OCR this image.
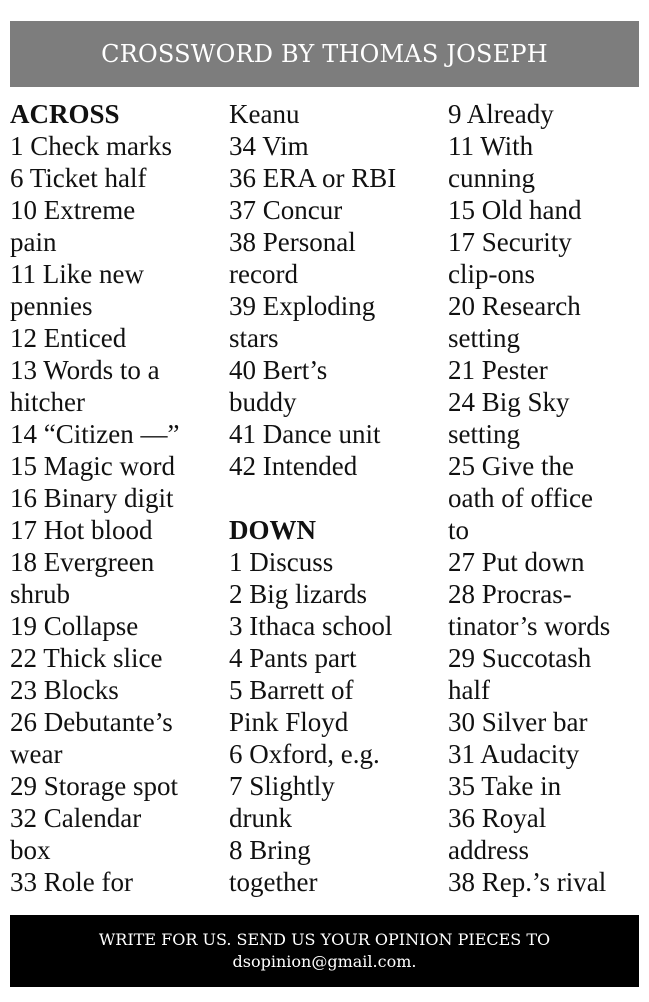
CROSSWORD BY THOMAS JOSEPH
ACROSS
1 Check marks
6 Ticket half
10 Extreme
pain
11 Like new
pennies
12 Enticed
13 Words to a
hitcher
14 “Citizen —”
15 Magic word
16 Binary digit
17 Hot blood
18 Evergreen
shrub
19 Collapse
22 Thick slice
23 Blocks
26 Debutante’s
wear
29 Storage spot
32 Calendar
box
33 Role for
Keanu
34 Vim
36 ERA or RBI
37 Concur
38 Personal
record
39 Exploding
stars
40 Bert’s
buddy
41 Dance unit
42 Intended
DOWN
1 Discuss
2 Big lizards
3 Ithaca school
4 Pants part
5 Barrett of
Pink Floyd
6 Oxford, e.g.
7 Slightly
drunk
8 Bring
together
9 Already
11 With
cunning
15 Old hand
17 Security
clip-ons
20 Research
setting
21 Pester
24 Big Sky
setting
25 Give the
oath of office
to
27 Put down
28 Procras-
tinator’s words
29 Succotash
half
30 Silver bar
31 Audacity
35 Take in
36 Royal
address
38 Rep.’s rival
WRITE FOR US. SEND US YOUR OPINION PIECES TO
dsopinion@gmail.com.
